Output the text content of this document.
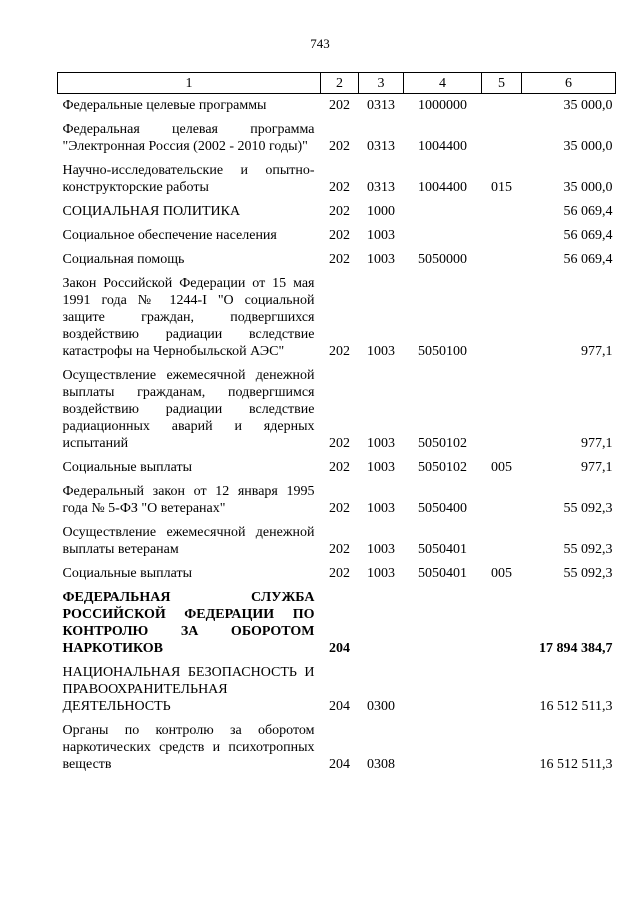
743
1	2	3	4	5	6
Федеральные целевые программы	202	0313	1000000		35 000,0
Федеральная целевая программа "Электронная Россия (2002 - 2010 годы)"	202	0313	1004400		35 000,0
Научно-исследовательские и опытно-конструкторские работы	202	0313	1004400	015	35 000,0
СОЦИАЛЬНАЯ ПОЛИТИКА	202	1000			56 069,4
Социальное обеспечение населения	202	1003			56 069,4
Социальная помощь	202	1003	5050000		56 069,4
Закон Российской Федерации от 15 мая 1991 года № 1244-I "О социальной защите граждан, подвергшихся воздействию радиации вследствие катастрофы на Чернобыльской АЭС"	202	1003	5050100		977,1
Осуществление ежемесячной денежной выплаты гражданам, подвергшимся воздействию радиации вследствие радиационных аварий и ядерных испытаний	202	1003	5050102		977,1
Социальные выплаты	202	1003	5050102	005	977,1
Федеральный закон от 12 января 1995 года № 5-ФЗ "О ветеранах"	202	1003	5050400		55 092,3
Осуществление ежемесячной денежной выплаты ветеранам	202	1003	5050401		55 092,3
Социальные выплаты	202	1003	5050401	005	55 092,3
ФЕДЕРАЛЬНАЯ СЛУЖБА РОССИЙСКОЙ ФЕДЕРАЦИИ ПО КОНТРОЛЮ ЗА ОБОРОТОМ НАРКОТИКОВ	204				17 894 384,7
НАЦИОНАЛЬНАЯ БЕЗОПАСНОСТЬ И ПРАВООХРАНИТЕЛЬНАЯ ДЕЯТЕЛЬНОСТЬ	204	0300			16 512 511,3
Органы по контролю за оборотом наркотических средств и психотропных веществ	204	0308			16 512 511,3
